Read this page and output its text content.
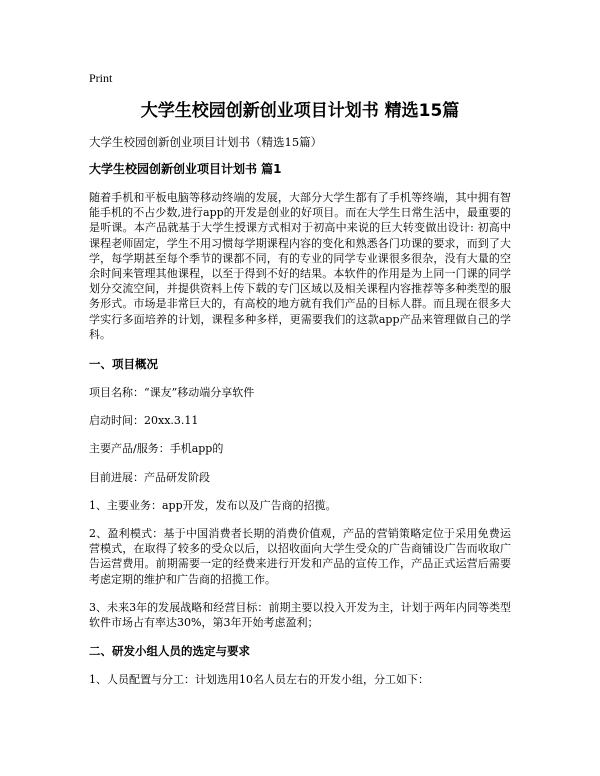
Print
大学生校园创新创业项目计划书 精选15篇
大学生校园创新创业项目计划书（精选15篇）
大学生校园创新创业项目计划书 篇1

随着手机和平板电脑等移动终端的发展，大部分大学生都有了手机等终端，其中拥有智能手机的不占少数,进行app的开发是创业的好项目。而在大学生日常生活中，最重要的是听课。本产品就基于大学生授课方式相对于初高中来说的巨大转变做出设计: 初高中课程老师固定，学生不用习惯每学期课程内容的变化和熟悉各门功课的要求，而到了大学，每学期甚至每个季节的课都不同，有的专业的同学专业课很多很杂，没有大量的空余时间来管理其他课程，以至于得到不好的结果。本软件的作用是为上同一门课的同学划分交流空间，并提供资料上传下载的专门区域以及相关课程内容推荐等多种类型的服务形式。市场是非常巨大的，有高校的地方就有我们产品的目标人群。而且现在很多大学实行多面培养的计划，课程多种多样，更需要我们的这款app产品来管理做自己的学科。

一、项目概况
项目名称：“课友”移动端分享软件
启动时间：20xx.3.11
主要产品/服务：手机app的
目前进展：产品研发阶段
1、主要业务：app开发，发布以及广告商的招揽。

2、盈利模式：基于中国消费者长期的消费价值观，产品的营销策略定位于采用免费运营模式，在取得了较多的受众以后，以招收面向大学生受众的广告商铺设广告而收取广告运营费用。前期需要一定的经费来进行开发和产品的宣传工作，产品正式运营后需要考虑定期的维护和广告商的招揽工作。

3、未来3年的发展战略和经营目标：前期主要以投入开发为主，计划于两年内同等类型软件市场占有率达30%，第3年开始考虑盈利；

二、研发小组人员的选定与要求
1、人员配置与分工：计划选用10名人员左右的开发小组，分工如下：
